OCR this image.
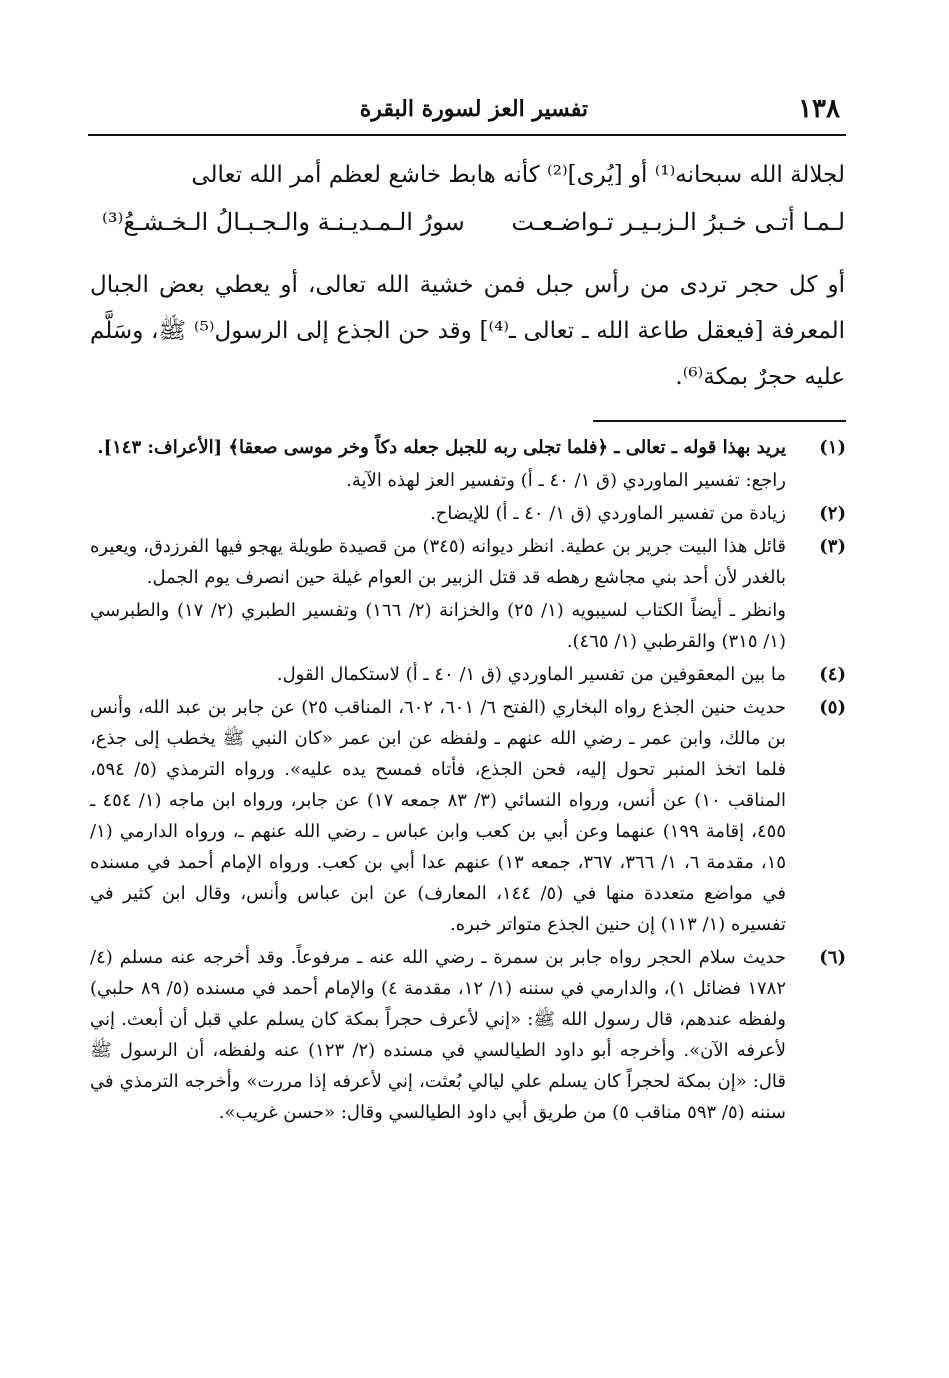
١٣٨
تفسير العز لسورة البقرة
لجلالة الله سبحانه⁽¹⁾ أو [يُرى]⁽²⁾ كأنه هابط خاشع لعظم أمر الله تعالى
لـمـا أتـى خـبرُ الـزبـيـر تـواضـعـت
سورُ الـمـديـنـة والـجـبـالُ الـخـشـعُ⁽³⁾
أو كل حجر تردى من رأس جبل فمن خشية الله تعالى، أو يعطي بعض الجبال المعرفة [فيعقل طاعة الله ـ تعالى ـ⁽⁴⁾] وقد حن الجذع إلى الرسول⁽⁵⁾ ﷺ، وسَلَّم عليه حجرٌ بمكة⁽⁶⁾.
(١)
يريد بهذا قوله ـ تعالى ـ ﴿فلما تجلى ربه للجبل جعله دكاً وخر موسى صعقا﴾ [الأعراف: ١٤٣].
راجع: تفسير الماوردي (ق ١/ ٤٠ ـ أ) وتفسير العز لهذه الآية.
(٢)
زيادة من تفسير الماوردي (ق ١/ ٤٠ ـ أ) للإيضاح.
(٣)
قائل هذا البيت جرير بن عطية. انظر ديوانه (٣٤٥) من قصيدة طويلة يهجو فيها الفرزدق، ويعيره بالغدر لأن أحد بني مجاشع رهطه قد قتل الزبير بن العوام غيلة حين انصرف يوم الجمل.
وانظر ـ أيضاً الكتاب لسيبويه (١/ ٢٥) والخزانة (٢/ ١٦٦) وتفسير الطبري (٢/ ١٧) والطبرسي (١/ ٣١٥) والقرطبي (١/ ٤٦٥).
(٤)
ما بين المعقوفين من تفسير الماوردي (ق ١/ ٤٠ ـ أ) لاستكمال القول.
(٥)
حديث حنين الجذع رواه البخاري (الفتح ٦/ ٦٠١، ٦٠٢، المناقب ٢٥) عن جابر بن عبد الله، وأنس بن مالك، وابن عمر ـ رضي الله عنهم ـ ولفظه عن ابن عمر «كان النبي ﷺ يخطب إلى جذع، فلما اتخذ المنبر تحول إليه، فحن الجذع، فأتاه فمسح يده عليه». ورواه الترمذي (٥/ ٥٩٤، المناقب ١٠) عن أنس، ورواه النسائي (٣/ ٨٣ جمعه ١٧) عن جابر، ورواه ابن ماجه (١/ ٤٥٤ ـ ٤٥٥، إقامة ١٩٩) عنهما وعن أبي بن كعب وابن عباس ـ رضي الله عنهم ـ، ورواه الدارمي (١/ ١٥، مقدمة ٦، ١/ ٣٦٦، ٣٦٧، جمعه ١٣) عنهم عدا أبي بن كعب. ورواه الإمام أحمد في مسنده في مواضع متعددة منها في (٥/ ١٤٤، المعارف) عن ابن عباس وأنس، وقال ابن كثير في تفسيره (١/ ١١٣) إن حنين الجذع متواتر خبره.
(٦)
حديث سلام الحجر رواه جابر بن سمرة ـ رضي الله عنه ـ مرفوعاً. وقد أخرجه عنه مسلم (٤/ ١٧٨٢ فضائل ١)، والدارمي في سننه (١/ ١٢، مقدمة ٤) والإمام أحمد في مسنده (٥/ ٨٩ حلبي) ولفظه عندهم، قال رسول الله ﷺ: «إني لأعرف حجراً بمكة كان يسلم علي قبل أن أبعث. إني لأعرفه الآن». وأخرجه أبو داود الطيالسي في مسنده (٢/ ١٢٣) عنه ولفظه، أن الرسول ﷺ قال: «إن بمكة لحجراً كان يسلم علي ليالي بُعثت، إني لأعرفه إذا مررت» وأخرجه الترمذي في سننه (٥/ ٥٩٣ مناقب ٥) من طريق أبي داود الطيالسي وقال: «حسن غريب».
